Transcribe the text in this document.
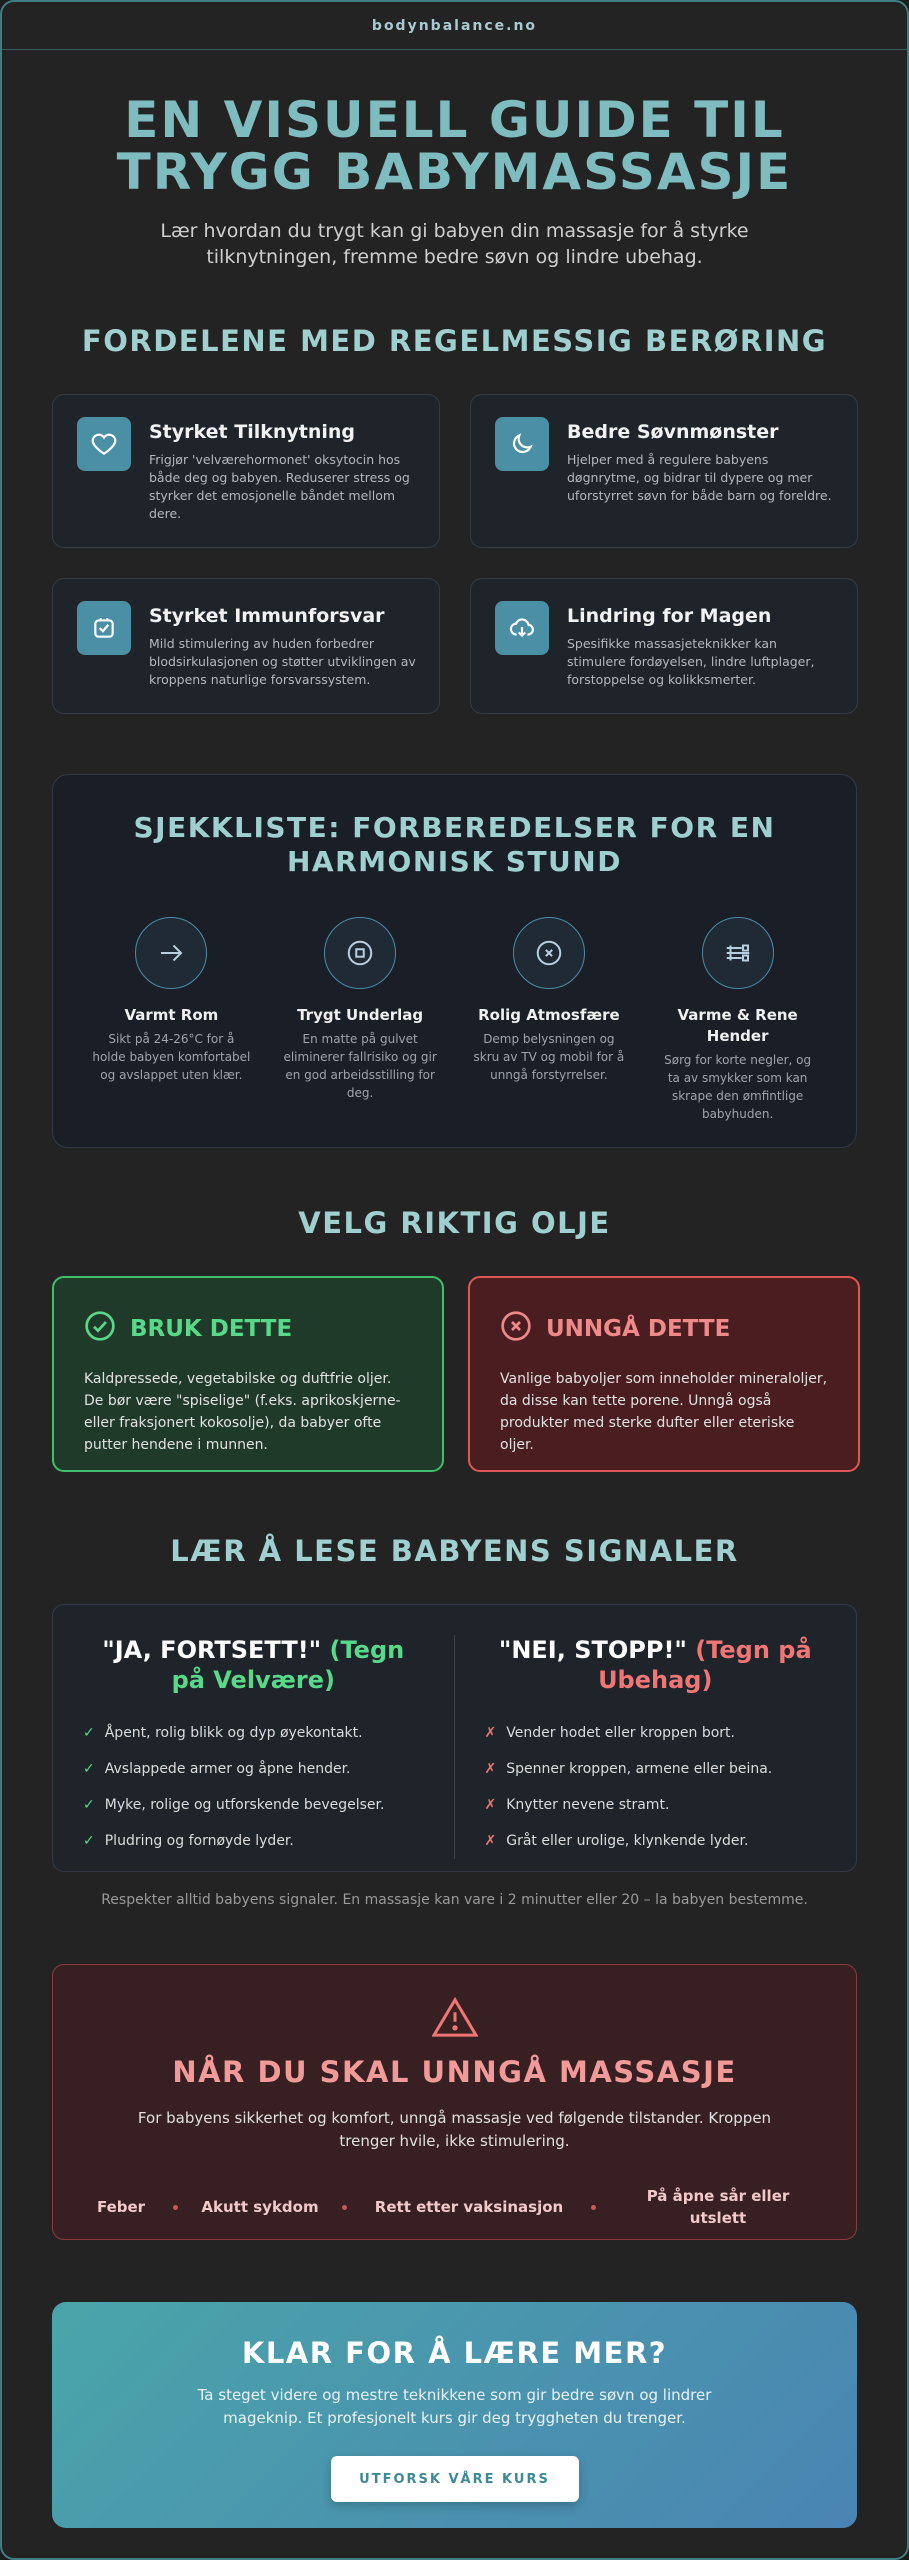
bodynbalance.no
EN VISUELL GUIDE TIL TRYGG BABYMASSASJE

Lær hvordan du trygt kan gi babyen din massasje for å styrke tilknytningen, fremme bedre søvn og lindre ubehag.

FORDELENE MED REGELMESSIG BERØRING
Styrket Tilknytning

Frigjør 'velværehormonet' oksytocin hos både deg og babyen. Reduserer stress og styrker det emosjonelle båndet mellom dere.

Bedre Søvnmønster

Hjelper med å regulere babyens døgnrytme, og bidrar til dypere og mer uforstyrret søvn for både barn og foreldre.

Styrket Immunforsvar

Mild stimulering av huden forbedrer blodsirkulasjonen og støtter utviklingen av kroppens naturlige forsvarssystem.

Lindring for Magen

Spesifikke massasjeteknikker kan stimulere fordøyelsen, lindre luftplager, forstoppelse og kolikksmerter.

SJEKKLISTE: FORBEREDELSER FOR EN HARMONISK STUND
Varmt Rom

Sikt på 24-26°C for å holde babyen komfortabel og avslappet uten klær.

Trygt Underlag

En matte på gulvet eliminerer fallrisiko og gir en god arbeidsstilling for deg.

Rolig Atmosfære

Demp belysningen og skru av TV og mobil for å unngå forstyrrelser.

Varme & Rene Hender

Sørg for korte negler, og ta av smykker som kan skrape den ømfintlige babyhuden.

VELG RIKTIG OLJE
BRUK DETTE

Kaldpressede, vegetabilske og duftfrie oljer. De bør være "spiselige" (f.eks. aprikoskjerne- eller fraksjonert kokosolje), da babyer ofte putter hendene i munnen.

UNNGÅ DETTE

Vanlige babyoljer som inneholder mineraloljer, da disse kan tette porene. Unngå også produkter med sterke dufter eller eteriske oljer.

LÆR Å LESE BABYENS SIGNALER
"JA, FORTSETT!" (Tegn på Velvære)
✓ Åpent, rolig blikk og dyp øyekontakt.
✓ Avslappede armer og åpne hender.
✓ Myke, rolige og utforskende bevegelser.
✓ Pludring og fornøyde lyder.
"NEI, STOPP!" (Tegn på Ubehag)
✗ Vender hodet eller kroppen bort.
✗ Spenner kroppen, armene eller beina.
✗ Knytter nevene stramt.
✗ Gråt eller urolige, klynkende lyder.

Respekter alltid babyens signaler. En massasje kan vare i 2 minutter eller 20 – la babyen bestemme.

NÅR DU SKAL UNNGÅ MASSASJE

For babyens sikkerhet og komfort, unngå massasje ved følgende tilstander. Kroppen trenger hvile, ikke stimulering.

Feber	Akutt sykdom	Rett etter vaksinasjon
På åpne sår eller utslett
KLAR FOR Å LÆRE MER?

Ta steget videre og mestre teknikkene som gir bedre søvn og lindrer mageknip. Et profesjonelt kurs gir deg tryggheten du trenger.

UTFORSK VÅRE KURS
